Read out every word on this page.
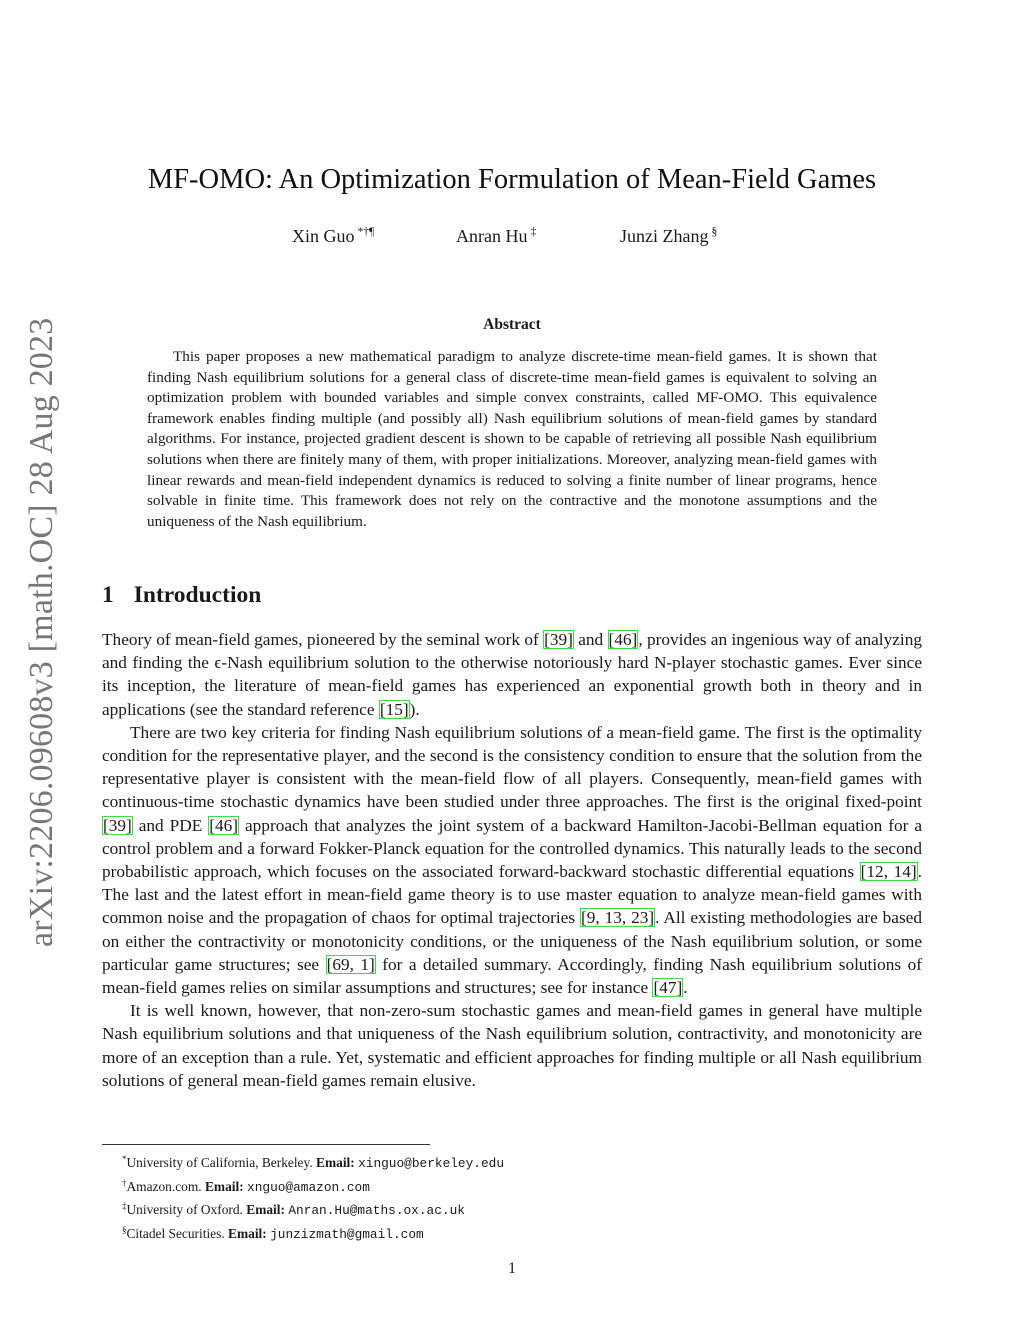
arXiv:2206.09608v3 [math.OC] 28 Aug 2023
MF-OMO: An Optimization Formulation of Mean-Field Games
Xin Guo *†¶	Anran Hu ‡	Junzi Zhang §
Abstract

This paper proposes a new mathematical paradigm to analyze discrete-time mean-field games. It is shown that finding Nash equilibrium solutions for a general class of discrete-time mean-field games is equivalent to solving an optimization problem with bounded variables and simple convex constraints, called MF-OMO. This equivalence framework enables finding multiple (and possibly all) Nash equilibrium solutions of mean-field games by standard algorithms. For instance, projected gradient descent is shown to be capable of retrieving all possible Nash equilibrium solutions when there are finitely many of them, with proper initializations. Moreover, analyzing mean-field games with linear rewards and mean-field independent dynamics is reduced to solving a finite number of linear programs, hence solvable in finite time. This framework does not rely on the contractive and the monotone assumptions and the uniqueness of the Nash equilibrium.

1 Introduction

Theory of mean-field games, pioneered by the seminal work of [39] and [46], provides an ingenious way of analyzing and finding the ϵ-Nash equilibrium solution to the otherwise notoriously hard N-player stochastic games. Ever since its inception, the literature of mean-field games has experienced an exponential growth both in theory and in applications (see the standard reference [15]).

There are two key criteria for finding Nash equilibrium solutions of a mean-field game. The first is the optimality condition for the representative player, and the second is the consistency condition to ensure that the solution from the representative player is consistent with the mean-field flow of all players. Consequently, mean-field games with continuous-time stochastic dynamics have been studied under three approaches. The first is the original fixed-point [39] and PDE [46] approach that analyzes the joint system of a backward Hamilton-Jacobi-Bellman equation for a control problem and a forward Fokker-Planck equation for the controlled dynamics. This naturally leads to the second probabilistic approach, which focuses on the associated forward-backward stochastic differential equations [12, 14]. The last and the latest effort in mean-field game theory is to use master equation to analyze mean-field games with common noise and the propagation of chaos for optimal trajectories [9, 13, 23]. All existing methodologies are based on either the contractivity or monotonicity conditions, or the uniqueness of the Nash equilibrium solution, or some particular game structures; see [69, 1] for a detailed summary. Accordingly, finding Nash equilibrium solutions of mean-field games relies on similar assumptions and structures; see for instance [47].

It is well known, however, that non-zero-sum stochastic games and mean-field games in general have multiple Nash equilibrium solutions and that uniqueness of the Nash equilibrium solution, contractivity, and monotonicity are more of an exception than a rule. Yet, systematic and efficient approaches for finding multiple or all Nash equilibrium solutions of general mean-field games remain elusive.

*University of California, Berkeley. Email: xinguo@berkeley.edu
†Amazon.com. Email: xnguo@amazon.com
‡University of Oxford. Email: Anran.Hu@maths.ox.ac.uk
§Citadel Securities. Email: junzizmath@gmail.com
1
